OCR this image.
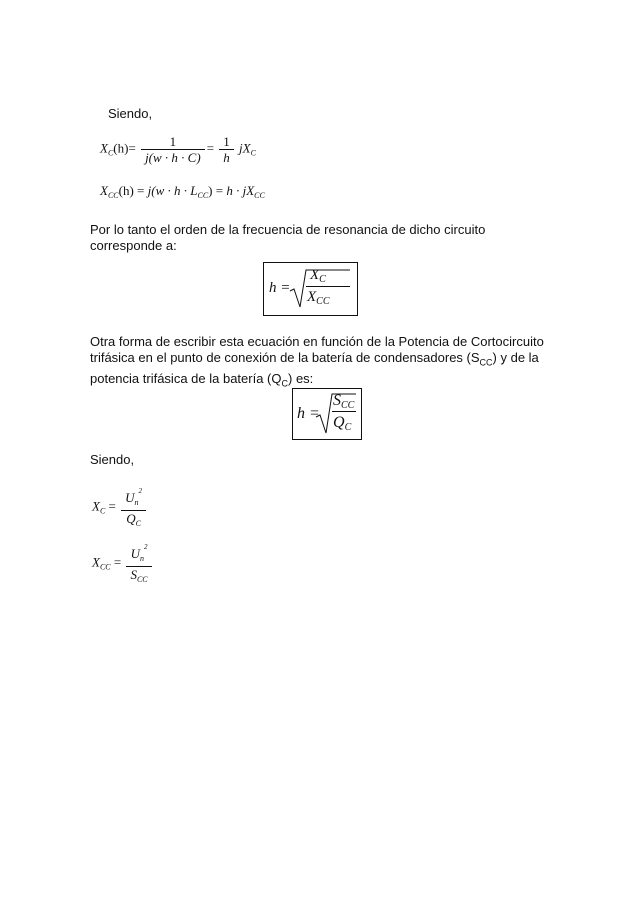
Siendo,
$X_C(h)= \frac{1}{j(w \cdot h \cdot C)} = \frac{1}{h} jX_C$
$X_{CC}(h) = j(w \cdot h \cdot L_{CC}) = h \cdot jX_{CC}$
Por lo tanto el orden de la frecuencia de resonancia de dicho circuito
corresponde a:
h =
$X_C$
$X_{CC}$
Otra forma de escribir esta ecuación en función de la Potencia de Cortocircuito
trifásica en el punto de conexión de la batería de condensadores $(S_{CC})$ y de la
potencia trifásica de la batería $(Q_C)$ es:
h =
SCC
QC
Siendo,
$X_C = \frac{U_n^2}{Q_C}$
$X_{CC} = \frac{U_n^2}{S_{CC}}$
